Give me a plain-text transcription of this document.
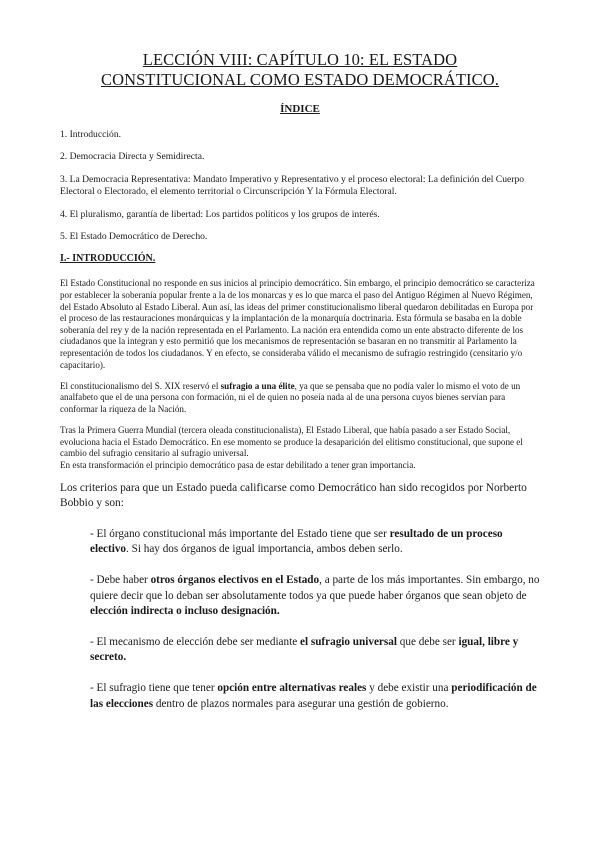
LECCIÓN VIII: CAPÍTULO 10: EL ESTADO
CONSTITUCIONAL COMO ESTADO DEMOCRÁTICO.
ÍNDICE

1. Introducción.

2. Democracia Directa y Semidirecta.

3. La Democracia Representativa: Mandato Imperativo y Representativo y el proceso electoral: La definición del Cuerpo Electoral o Electorado, el elemento territorial o Circunscripción Y la Fórmula Electoral.

4. El pluralismo, garantía de libertad: Los partidos políticos y los grupos de interés.

5. El Estado Democrático de Derecho.

I.- INTRODUCCIÓN.

El Estado Constitucional no responde en sus inicios al principio democrático. Sin embargo, el principio democrático se caracteriza por establecer la soberanía popular frente a la de los monarcas y es lo que marca el paso del Antiguo Régimen al Nuevo Régimen, del Estado Absoluto al Estado Liberal. Aun así, las ideas del primer constitucionalismo liberal quedaron debilitadas en Europa por el proceso de las restauraciones monárquicas y la implantación de la monarquía doctrinaria. Esta fórmula se basaba en la doble soberanía del rey y de la nación representada en el Parlamento. La nación era entendida como un ente abstracto diferente de los ciudadanos que la integran y esto permitió que los mecanismos de representación se basaran en no transmitir al Parlamento la representación de todos los ciudadanos. Y en efecto, se consideraba válido el mecanismo de sufragio restringido (censitario y/o capacitario).

El constitucionalismo del S. XIX reservó el sufragio a una élite, ya que se pensaba que no podía valer lo mismo el voto de un analfabeto que el de una persona con formación, ni el de quien no poseía nada al de una persona cuyos bienes servían para conformar la riqueza de la Nación.

Tras la Primera Guerra Mundial (tercera oleada constitucionalista), El Estado Liberal, que había pasado a ser Estado Social, evoluciona hacia el Estado Democrático. En ese momento se produce la desaparición del elitismo constitucional, que supone el cambio del sufragio censitario al sufragio universal.
En esta transformación el principio democrático pasa de estar debilitado a tener gran importancia.

Los criterios para que un Estado pueda calificarse como Democrático han sido recogidos por Norberto Bobbio y son:

- El órgano constitucional más importante del Estado tiene que ser resultado de un proceso electivo. Si hay dos órganos de igual importancia, ambos deben serlo.

- Debe haber otros órganos electivos en el Estado, a parte de los más importantes. Sin embargo, no quiere decir que lo deban ser absolutamente todos ya que puede haber órganos que sean objeto de elección indirecta o incluso designación.

- El mecanismo de elección debe ser mediante el sufragio universal que debe ser igual, libre y secreto.

- El sufragio tiene que tener opción entre alternativas reales y debe existir una periodificación de las elecciones dentro de plazos normales para asegurar una gestión de gobierno.
